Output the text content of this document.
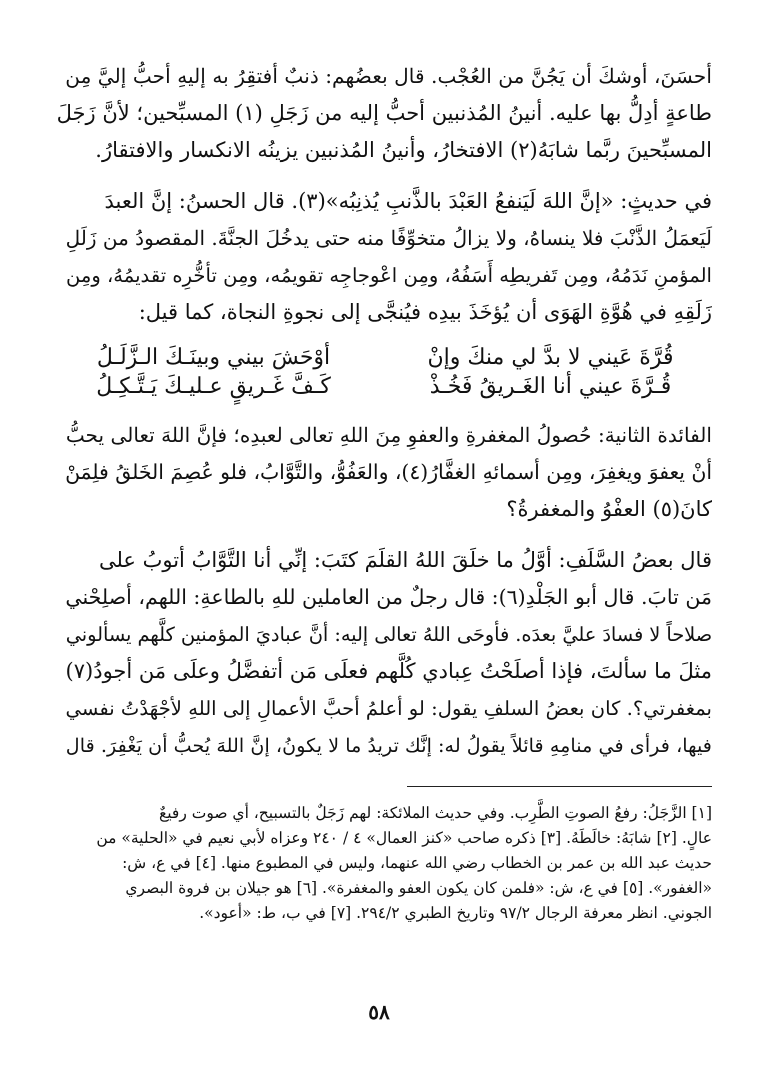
أحسَنَ، أوشكَ أن يَجُنَّ من العُجْب. قال بعضُهم: ذنبٌ أفتقِرُ به إليهِ أحبُّ إليَّ مِن
طاعةٍ أدِلُّ بها عليه. أنينُ المُذنبين أحبُّ إليه من زَجَلِ (١) المسبِّحين؛ لأنَّ زَجَلَ
المسبِّحينَ ربَّما شابَهُ(٢) الافتخارُ، وأنينُ المُذنبين يزينُه الانكسار والافتقارُ.

في حديثٍ: «إنَّ اللهَ لَيَنفعُ العَبْدَ بالذَّنبِ يُذنِبُه»(٣). قال الحسنُ: إنَّ العبدَ
لَيَعمَلُ الذَّنْبَ فلا ينساهُ، ولا يزالُ متخوِّفًا منه حتى يدخُلَ الجنَّةَ. المقصودُ من زَلَلِ
المؤمنِ نَدَمُهُ، ومِن تَفريطِه أَسَفُهُ، ومِن اعْوجاجِه تقويمُه، ومِن تأخُّرِه تقديمُهُ، ومِن
زَلَقِهِ في هُوَّةِ الهَوَى أن يُؤخَذَ بيدِه فيُنجَّى إلى نجوةِ النجاة، كما قيل:

قُرَّةَ عَيني لا بدَّ لي منكَ وإنْ
أوْحَشَ بيني وبينَـكَ الـزَّلَـلُ
قُـرَّةَ عيني أنا الغَـريقُ فَخُـذْ
كَـفَّ غَـريقٍ عـليـكَ يَـتَّـكِـلُ

الفائدة الثانية: حُصولُ المغفرةِ والعفوِ مِنَ اللهِ تعالى لعبدِه؛ فإنَّ اللهَ تعالى يحبُّ
أنْ يعفوَ ويغفِرَ، ومِن أسمائهِ الغفَّارُ(٤)، والعَفُوُّ، والتَّوَّابُ، فلو عُصِمَ الخَلقُ فلِمَنْ
كانَ(٥) العفْوُ والمغفرةُ؟

قال بعضُ السَّلَفِ: أوَّلُ ما خلَقَ اللهُ القلَمَ كتَبَ: إنِّي أنا التَّوَّابُ أتوبُ على
مَن تابَ. قال أبو الجَلْدِ(٦): قال رجلٌ من العاملين للهِ بالطاعةِ: اللهم، أصلِحْني
صلاحاً لا فسادَ عليَّ بعدَه. فأوحَى اللهُ تعالى إليه: أنَّ عباديَ المؤمنين كلَّهم يسألوني
مثلَ ما سألتَ، فإذا أصلَحْتُ عِبادي كُلَّهم فعلَى مَن أتفضَّلُ وعلَى مَن أجودُ(٧)
بمغفرتي؟. كان بعضُ السلفِ يقول: لو أعلمُ أحبَّ الأعمالِ إلى اللهِ لأجْهَدْتُ نفسي
فيها، فرأى في منامِهِ قائلاً يقولُ له: إنَّك تريدُ ما لا يكونُ، إنَّ اللهَ يُحبُّ أن يَغْفِرَ. قال

[١] الزَّجَلُ: رفعُ الصوتِ الطَّرِب. وفي حديث الملائكة: لهم زَجَلٌ بالتسبيح، أي صوت رفيعٌ
عالٍ. [٢] شابَهُ: خالَطَهُ. [٣] ذكره صاحب «كنز العمال» ٤ / ٢٤٠ وعزاه لأبي نعيم في «الحلية» من
حديث عبد الله بن عمر بن الخطاب رضي الله عنهما، وليس في المطبوع منها. [٤] في ع، ش:
«الغفور». [٥] في ع، ش: «فلمن كان يكون العفو والمغفرة». [٦] هو جيلان بن فروة البصري
الجوني. انظر معرفة الرجال ٩٧/٢ وتاريخ الطبري ٢٩٤/٢. [٧] في ب، ط: «أعود».
٥٨
